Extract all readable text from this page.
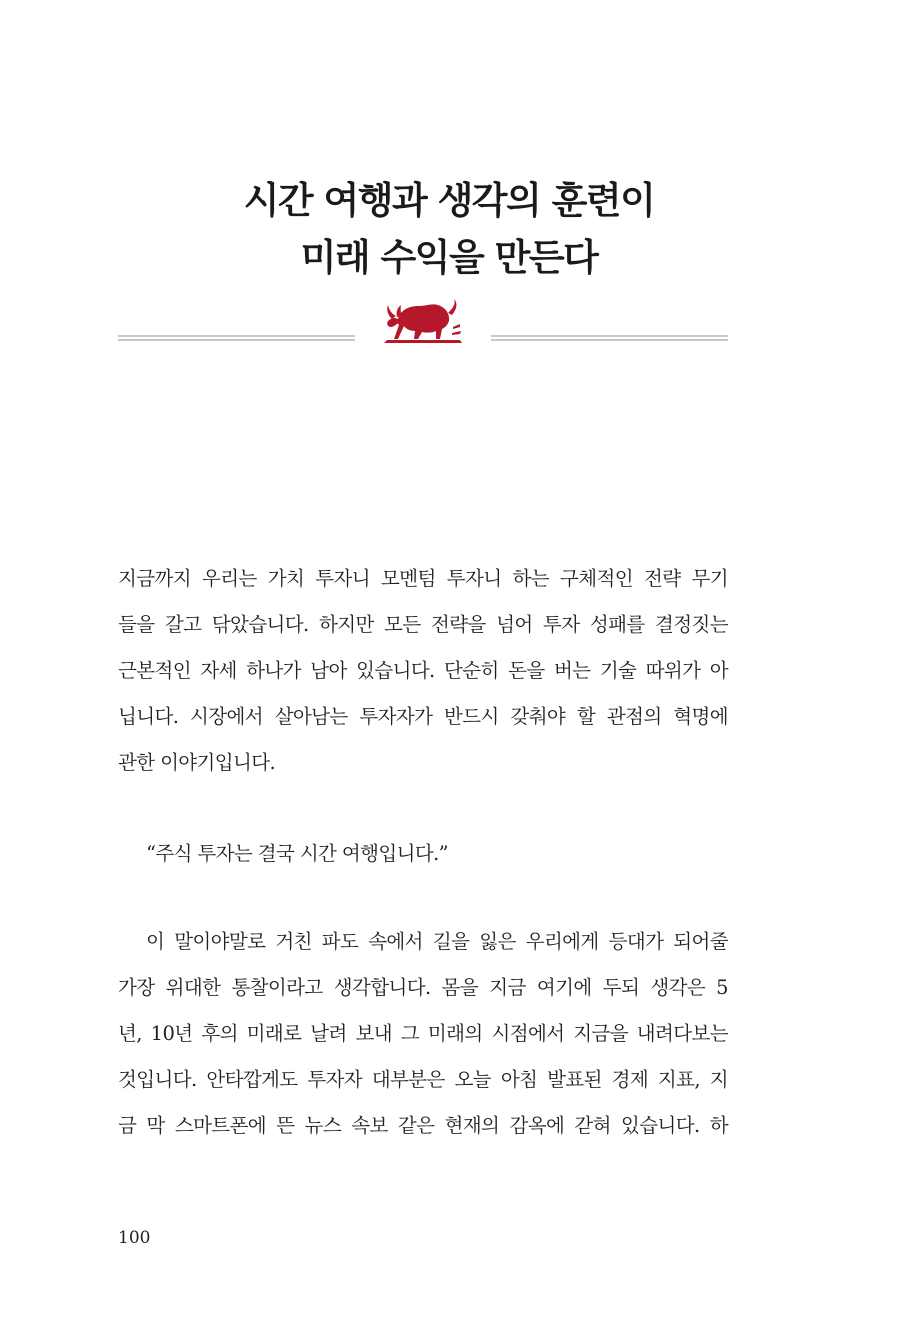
시간 여행과 생각의 훈련이
미래 수익을 만든다
지금까지 우리는 가치 투자니 모멘텀 투자니 하는 구체적인 전략 무기
들을 갈고 닦았습니다. 하지만 모든 전략을 넘어 투자 성패를 결정짓는
근본적인 자세 하나가 남아 있습니다. 단순히 돈을 버는 기술 따위가 아
닙니다. 시장에서 살아남는 투자자가 반드시 갖춰야 할 관점의 혁명에
관한 이야기입니다.
“주식 투자는 결국 시간 여행입니다.”
이 말이야말로 거친 파도 속에서 길을 잃은 우리에게 등대가 되어줄
가장 위대한 통찰이라고 생각합니다. 몸을 지금 여기에 두되 생각은 5
년, 10년 후의 미래로 날려 보내 그 미래의 시점에서 지금을 내려다보는
것입니다. 안타깝게도 투자자 대부분은 오늘 아침 발표된 경제 지표, 지
금 막 스마트폰에 뜬 뉴스 속보 같은 현재의 감옥에 갇혀 있습니다. 하
100
